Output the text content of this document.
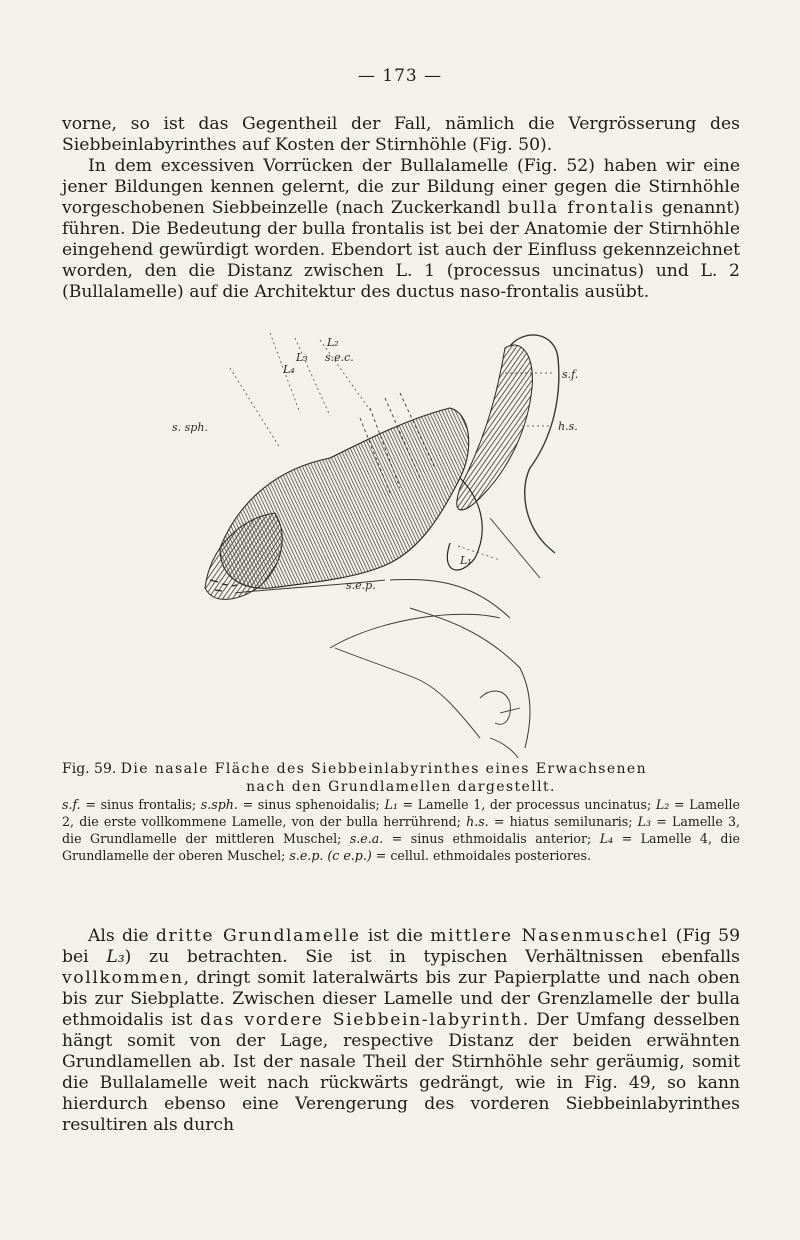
— 173 —

vorne, so ist das Gegentheil der Fall, nämlich die Vergrösserung des Siebbeinlabyrinthes auf Kosten der Stirnhöhle (Fig. 50).

In dem excessiven Vorrücken der Bullalamelle (Fig. 52) haben wir eine jener Bildungen kennen gelernt, die zur Bildung einer gegen die Stirnhöhle vorgeschobenen Siebbeinzelle (nach Zuckerkandl bulla frontalis genannt) führen. Die Bedeutung der bulla frontalis ist bei der Anatomie der Stirnhöhle eingehend gewürdigt worden. Ebendort ist auch der Einfluss gekennzeichnet worden, den die Distanz zwischen L. 1 (processus uncinatus) und L. 2 (Bullalamelle) auf die Architektur des ductus naso-frontalis ausübt.

L₄
L₃
L₂
s.e.c.
s. sph.
s.f.
h.s.
L₁
s.e.p.

Fig. 59. Die nasale Fläche des Siebbeinlabyrinthes eines Erwachsenen

nach den Grundlamellen dargestellt.

s.f. = sinus frontalis; s.sph. = sinus sphenoidalis; L₁ = Lamelle 1, der processus uncinatus; L₂ = Lamelle 2, die erste vollkommene Lamelle, von der bulla herrührend; h.s. = hiatus semilunaris; L₃ = Lamelle 3, die Grundlamelle der mittleren Muschel; s.e.a. = sinus ethmoidalis anterior; L₄ = Lamelle 4, die Grundlamelle der oberen Muschel; s.e.p. (c e.p.) = cellul. ethmoidales posteriores.

Als die dritte Grundlamelle ist die mittlere Nasenmuschel (Fig 59 bei L₃) zu betrachten. Sie ist in typischen Verhältnissen ebenfalls vollkommen, dringt somit lateralwärts bis zur Papierplatte und nach oben bis zur Siebplatte. Zwischen dieser Lamelle und der Grenzlamelle der bulla ethmoidalis ist das vordere Siebbein-labyrinth. Der Umfang desselben hängt somit von der Lage, respective Distanz der beiden erwähnten Grundlamellen ab. Ist der nasale Theil der Stirnhöhle sehr geräumig, somit die Bullalamelle weit nach rückwärts gedrängt, wie in Fig. 49, so kann hierdurch ebenso eine Verengerung des vorderen Siebbeinlabyrinthes resultiren als durch
